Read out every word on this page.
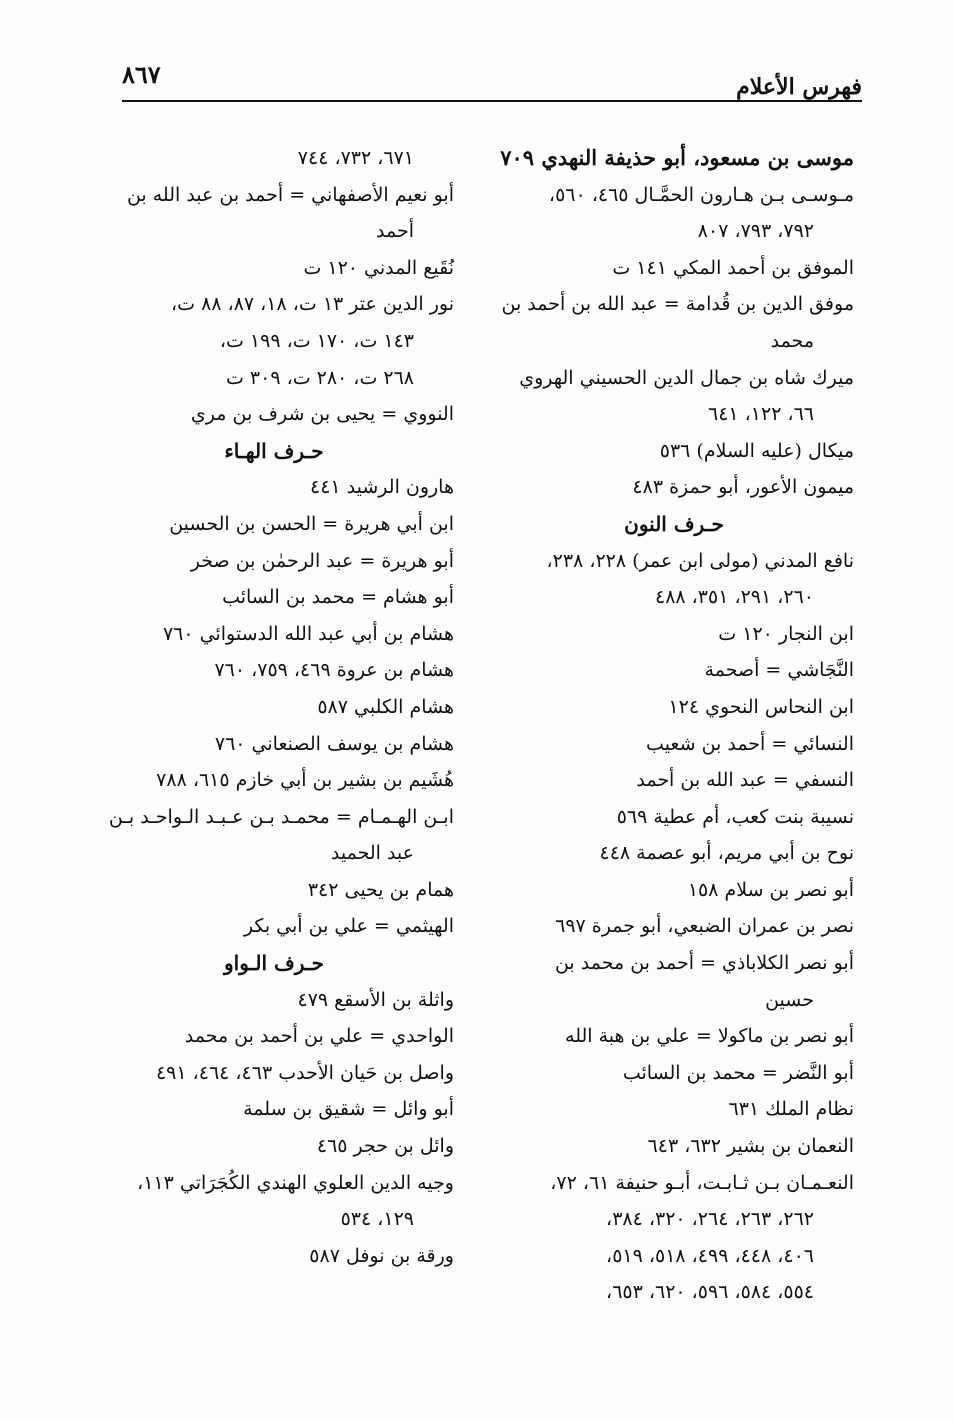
فهرس الأعلام
٨٦٧

موسى بن مسعود، أبو حذيفة النهدي ٧٠٩

مـوسـى بـن هـارون الحمَّـال ٤٦٥، ٥٦٠،

٧٩٢، ٧٩٣، ٨٠٧

الموفق بن أحمد المكي ١٤١ ت

موفق الدين بن قُدامة = عبد الله بن أحمد بن

محمد

ميرك شاه بن جمال الدين الحسيني الهروي

٦٦، ١٢٢، ٦٤١

ميكال (عليه السلام) ٥٣٦

ميمون الأعور، أبو حمزة ٤٨٣

حـرف النون

نافع المدني (مولى ابن عمر) ٢٢٨، ٢٣٨،

٢٦٠، ٢٩١، ٣٥١، ٤٨٨

ابن النجار ١٢٠ ت

النَّجَاشي = أصحمة

ابن النحاس النحوي ١٢٤

النسائي = أحمد بن شعيب

النسفي = عبد الله بن أحمد

نسيبة بنت كعب، أم عطية ٥٦٩

نوح بن أبي مريم، أبو عصمة ٤٤٨

أبو نصر بن سلام ١٥٨

نصر بن عمران الضبعي، أبو جمرة ٦٩٧

أبو نصر الكلاباذي = أحمد بن محمد بن

حسين

أبو نصر بن ماكولا = علي بن هبة الله

أبو النَّضر = محمد بن السائب

نظام الملك ٦٣١

النعمان بن بشير ٦٣٢، ٦٤٣

النعـمـان بـن ثـابـت، أبـو حنيفة ٦١، ٧٢،

٢٦٢، ٢٦٣، ٢٦٤، ٣٢٠، ٣٨٤،

٤٠٦، ٤٤٨، ٤٩٩، ٥١٨، ٥١٩،

٥٥٤، ٥٨٤، ٥٩٦، ٦٢٠، ٦٥٣،

٦٧١، ٧٣٢، ٧٤٤

أبو نعيم الأصفهاني = أحمد بن عبد الله بن

أحمد

نُقَيع المدني ١٢٠ ت

نور الدين عتر ١٣ ت، ١٨، ٨٧، ٨٨ ت،

١٤٣ ت، ١٧٠ ت، ١٩٩ ت،

٢٦٨ ت، ٢٨٠ ت، ٣٠٩ ت

النووي = يحيى بن شرف بن مري

حـرف الهـاء

هارون الرشيد ٤٤١

ابن أبي هريرة = الحسن بن الحسين

أبو هريرة = عبد الرحمٰن بن صخر

أبو هشام = محمد بن السائب

هشام بن أبي عبد الله الدستوائي ٧٦٠

هشام بن عروة ٤٦٩، ٧٥٩، ٧٦٠

هشام الكلبي ٥٨٧

هشام بن يوسف الصنعاني ٧٦٠

هُشَيم بن بشير بن أبي خازم ٦١٥، ٧٨٨

ابـن الهـمـام = محمـد بـن عـبـد الـواحـد بـن

عبد الحميد

همام بن يحيى ٣٤٢

الهيثمي = علي بن أبي بكر

حـرف الـواو

واثلة بن الأسقع ٤٧٩

الواحدي = علي بن أحمد بن محمد

واصل بن حَيان الأحدب ٤٦٣، ٤٦٤، ٤٩١

أبو وائل = شقيق بن سلمة

وائل بن حجر ٤٦٥

وجيه الدين العلوي الهندي الكُجَرَاتي ١١٣،

١٢٩، ٥٣٤

ورقة بن نوفل ٥٨٧
